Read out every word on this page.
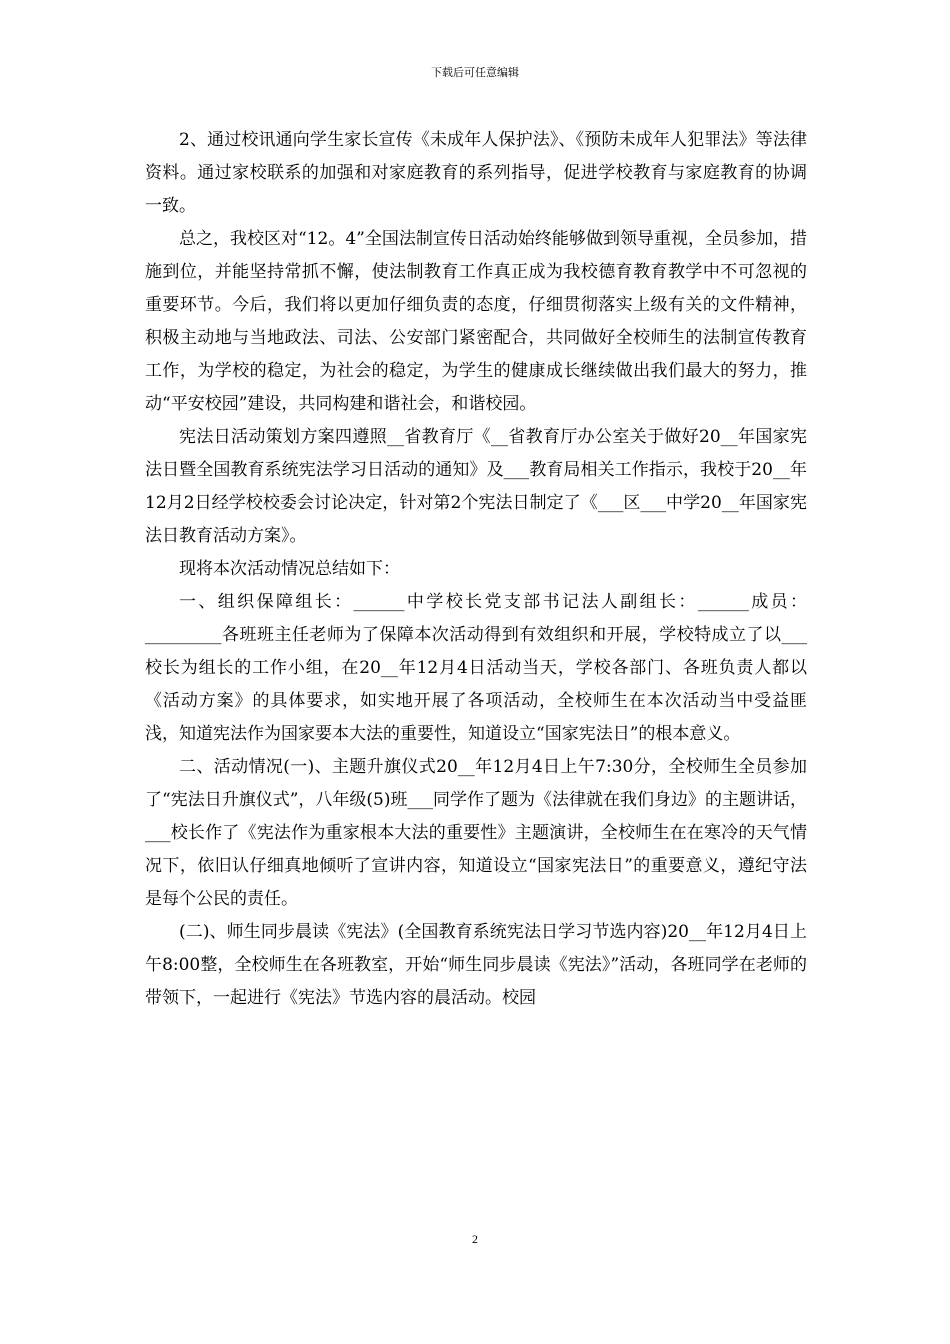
下载后可任意编辑

2、通过校讯通向学生家长宣传《未成年人保护法》、《预防未成年人犯罪法》等法律资料。通过家校联系的加强和对家庭教育的系列指导，促进学校教育与家庭教育的协调一致。

总之，我校区对“12。4”全国法制宣传日活动始终能够做到领导重视，全员参加，措施到位，并能坚持常抓不懈，使法制教育工作真正成为我校德育教育教学中不可忽视的重要环节。今后，我们将以更加仔细负责的态度，仔细贯彻落实上级有关的文件精神，积极主动地与当地政法、司法、公安部门紧密配合，共同做好全校师生的法制宣传教育工作，为学校的稳定，为社会的稳定，为学生的健康成长继续做出我们最大的努力，推动“平安校园”建设，共同构建和谐社会，和谐校园。

宪法日活动策划方案四遵照__省教育厅《__省教育厅办公室关于做好20__年国家宪法日暨全国教育系统宪法学习日活动的通知》及___教育局相关工作指示，我校于20__年12月2日经学校校委会讨论决定，针对第2个宪法日制定了《___区___中学20__年国家宪法日教育活动方案》。

现将本次活动情况总结如下：

一、组织保障组长：______中学校长党支部书记法人副组长：______成员：_________各班班主任老师为了保障本次活动得到有效组织和开展，学校特成立了以___校长为组长的工作小组，在20__年12月4日活动当天，学校各部门、各班负责人都以《活动方案》的具体要求，如实地开展了各项活动，全校师生在本次活动当中受益匪浅，知道宪法作为国家要本大法的重要性，知道设立“国家宪法日”的根本意义。

二、活动情况(一)、主题升旗仪式20__年12月4日上午7:30分，全校师生全员参加了“宪法日升旗仪式”，八年级(5)班___同学作了题为《法律就在我们身边》的主题讲话，___校长作了《宪法作为重家根本大法的重要性》主题演讲，全校师生在在寒冷的天气情况下，依旧认仔细真地倾听了宣讲内容，知道设立“国家宪法日”的重要意义，遵纪守法是每个公民的责任。

(二)、师生同步晨读《宪法》(全国教育系统宪法日学习节选内容)20__年12月4日上午8:00整，全校师生在各班教室，开始“师生同步晨读《宪法》”活动，各班同学在老师的带领下，一起进行《宪法》节选内容的晨活动。校园

2
